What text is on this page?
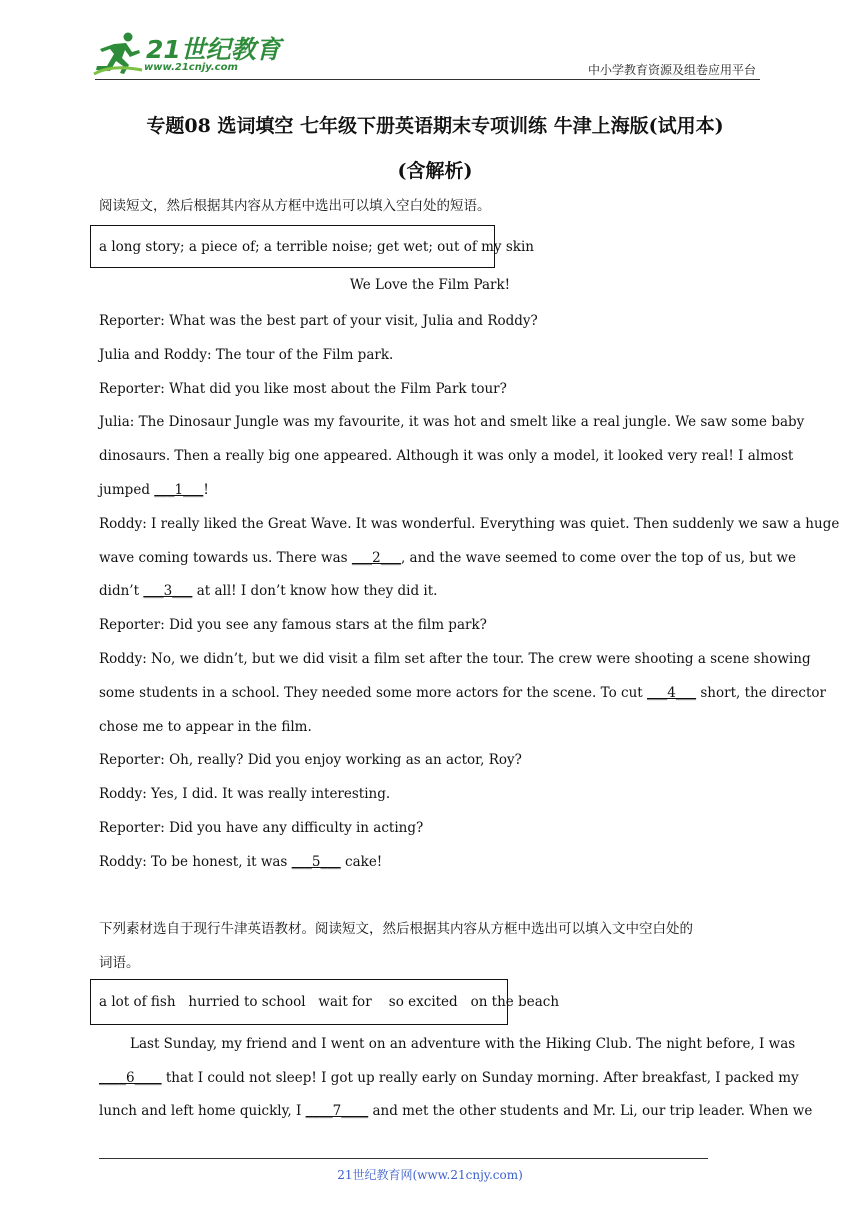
21世纪教育
www.21cnjy.com	中小学教育资源及组卷应用平台
专题08 选词填空 七年级下册英语期末专项训练 牛津上海版(试用本)
(含解析)
阅读短文，然后根据其内容从方框中选出可以填入空白处的短语。
a long story; a piece of; a terrible noise; get wet; out of my skin
We Love the Film Park!
Reporter: What was the best part of your visit, Julia and Roddy?
Julia and Roddy: The tour of the Film park.
Reporter: What did you like most about the Film Park tour?
Julia: The Dinosaur Jungle was my favourite, it was hot and smelt like a real jungle. We saw some baby
dinosaurs. Then a really big one appeared. Although it was only a model, it looked very real! I almost
jumped ___1___!
Roddy: I really liked the Great Wave. It was wonderful. Everything was quiet. Then suddenly we saw a huge
wave coming towards us. There was ___2___, and the wave seemed to come over the top of us, but we
didn’t ___3___ at all! I don’t know how they did it.
Reporter: Did you see any famous stars at the film park?
Roddy: No, we didn’t, but we did visit a film set after the tour. The crew were shooting a scene showing
some students in a school. They needed some more actors for the scene. To cut ___4___ short, the director
chose me to appear in the film.
Reporter: Oh, really? Did you enjoy working as an actor, Roy?
Roddy: Yes, I did. It was really interesting.
Reporter: Did you have any difficulty in acting?
Roddy: To be honest, it was ___5___ cake!
下列素材选自于现行牛津英语教材。阅读短文，然后根据其内容从方框中选出可以填入文中空白处的
词语。
a lot of fish   hurried to school   wait for    so excited   on the beach
Last Sunday, my friend and I went on an adventure with the Hiking Club. The night before, I was
____6____ that I could not sleep! I got up really early on Sunday morning. After breakfast, I packed my
lunch and left home quickly, I ____7____ and met the other students and Mr. Li, our trip leader. When we
21世纪教育网(www.21cnjy.com)
